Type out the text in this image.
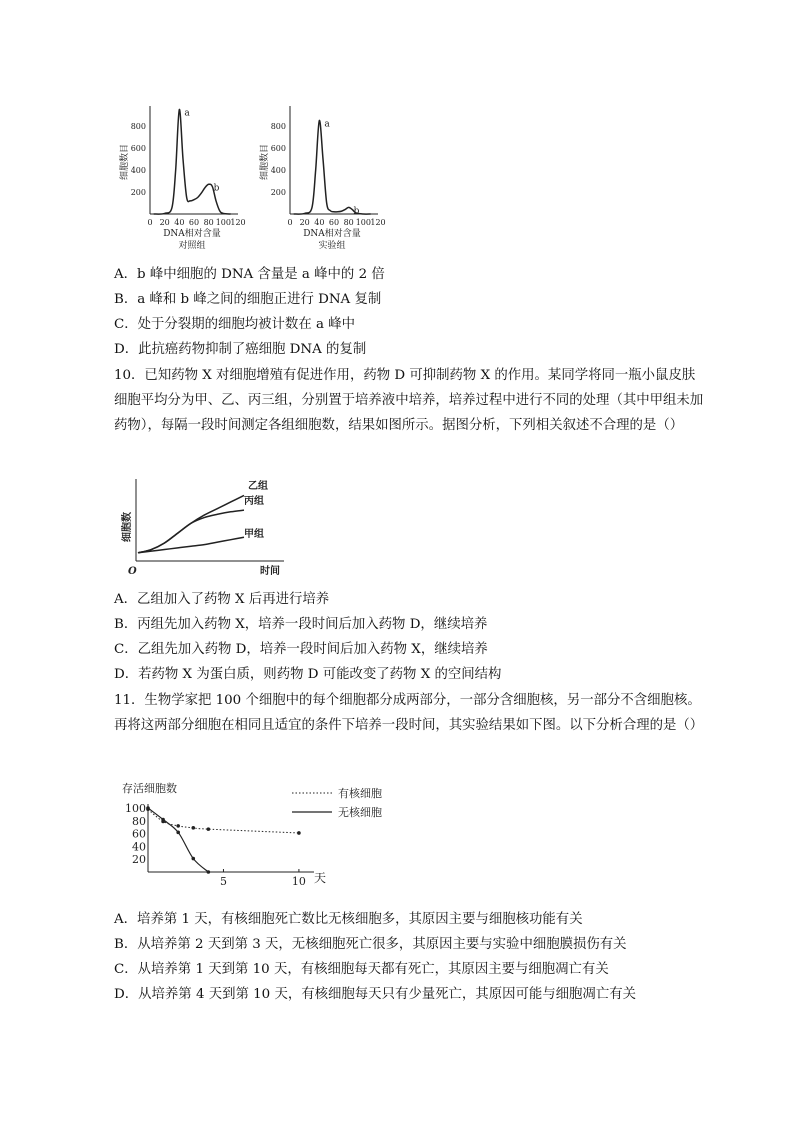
细胞数目
200
400
600
800
0 20 40 60 80 100 120
a
b
DNA相对含量
对照组
细胞数目
200
400
600
800
0 20 40 60 80 100 120
a
b
DNA相对含量
实验组
A．b 峰中细胞的 DNA 含量是 a 峰中的 2 倍
B．a 峰和 b 峰之间的细胞正进行 DNA 复制
C．处于分裂期的细胞均被计数在 a 峰中
D．此抗癌药物抑制了癌细胞 DNA 的复制
10．已知药物 X 对细胞增殖有促进作用，药物 D 可抑制药物 X 的作用。某同学将同一瓶小鼠皮肤细胞平均分为甲、乙、丙三组，分别置于培养液中培养，培养过程中进行不同的处理（其中甲组未加药物），每隔一段时间测定各组细胞数，结果如图所示。据图分析，下列相关叙述不合理的是（）
细胞数
乙组
丙组
甲组
O	时间
A．乙组加入了药物 X 后再进行培养
B．丙组先加入药物 X，培养一段时间后加入药物 D，继续培养
C．乙组先加入药物 D，培养一段时间后加入药物 X，继续培养
D．若药物 X 为蛋白质，则药物 D 可能改变了药物 X 的空间结构
11．生物学家把 100 个细胞中的每个细胞都分成两部分，一部分含细胞核，另一部分不含细胞核。再将这两部分细胞在相同且适宜的条件下培养一段时间，其实验结果如下图。以下分析合理的是（）
存活细胞数
100
80
60
40
20
5	10
有核细胞
无核细胞
天
A．培养第 1 天，有核细胞死亡数比无核细胞多，其原因主要与细胞核功能有关
B．从培养第 2 天到第 3 天，无核细胞死亡很多，其原因主要与实验中细胞膜损伤有关
C．从培养第 1 天到第 10 天，有核细胞每天都有死亡，其原因主要与细胞凋亡有关
D．从培养第 4 天到第 10 天，有核细胞每天只有少量死亡，其原因可能与细胞凋亡有关
